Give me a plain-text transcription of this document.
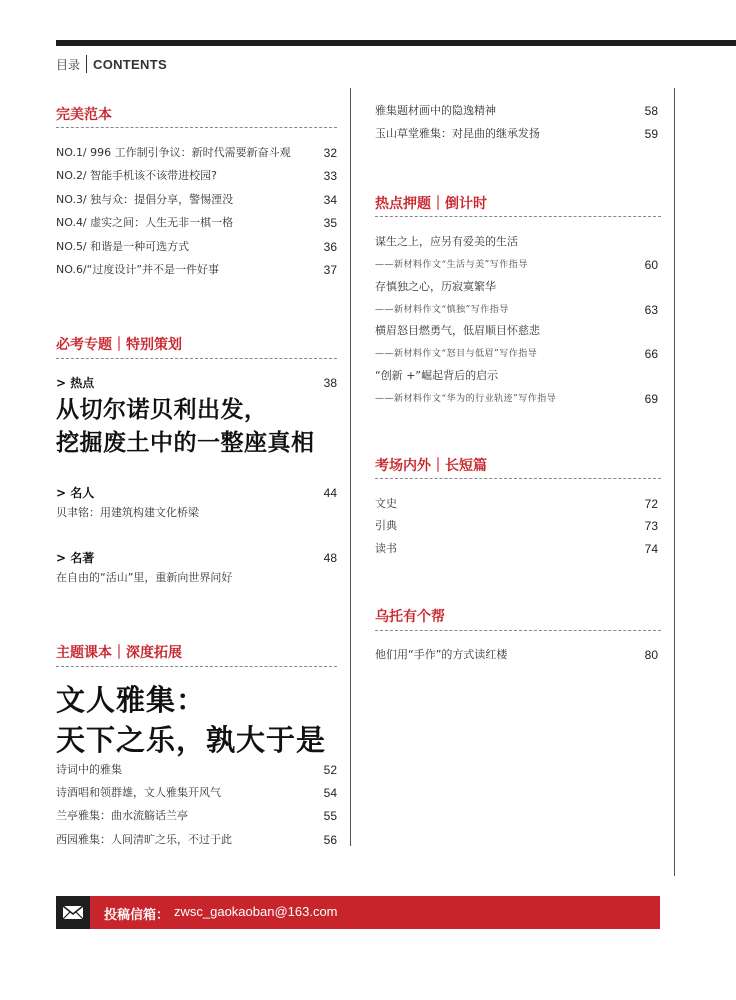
目录 CONTENTS
完美范本
NO.1/ 996 工作制引争议：新时代需要新奋斗观	32
NO.2/ 智能手机该不该带进校园?	33
NO.3/ 独与众：提倡分享，警惕湮没	34
NO.4/ 虚实之间：人生无非一棋一格	35
NO.5/ 和谐是一种可选方式	36
NO.6/“过度设计”并不是一件好事	37
必考专题｜特别策划
> 热点	38
从切尔诺贝利出发，
挖掘废土中的一整座真相
> 名人	44
贝聿铭：用建筑构建文化桥梁
> 名著	48
在自由的“活山”里，重新向世界问好
主题课本｜深度拓展
文人雅集：
天下之乐，孰大于是
诗词中的雅集	52
诗酒唱和领群雄，文人雅集开风气	54
兰亭雅集：曲水流觞话兰亭	55
西园雅集：人间清旷之乐，不过于此	56
雅集题材画中的隐逸精神	58
玉山草堂雅集：对昆曲的继承发扬	59
热点押题｜倒计时
谋生之上，应另有爱美的生活
——新材料作文“生活与美”写作指导	60
存慎独之心，历寂寞繁华
——新材料作文“慎独”写作指导	63
横眉怒目燃勇气，低眉顺目怀慈悲
——新材料作文“怒目与低眉”写作指导	66
“创新 +”崛起背后的启示
——新材料作文“华为的行业轨迹”写作指导	69
考场内外｜长短篇
文史	72
引典	73
读书	74
乌托有个帮
他们用“手作”的方式读红楼	80
投稿信箱： zwsc_gaokaoban@163.com
